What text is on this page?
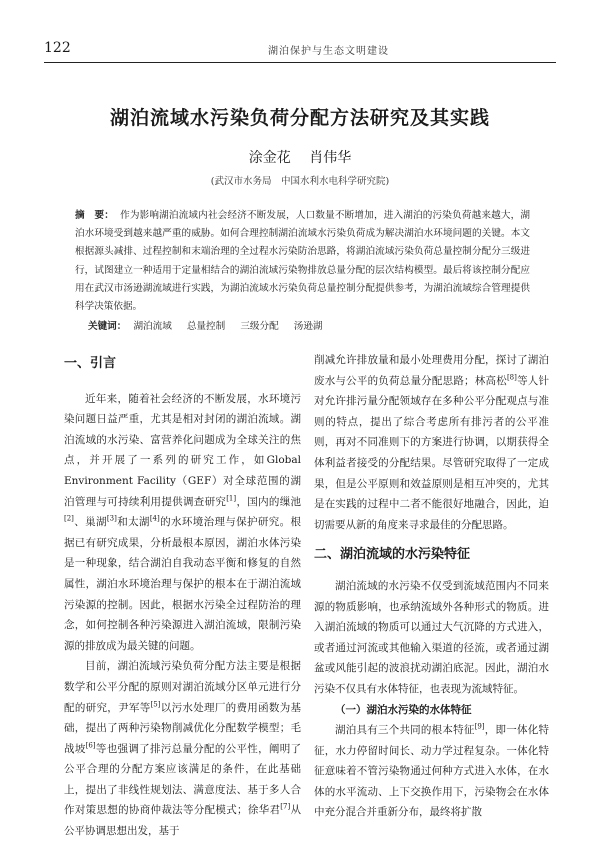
122	湖泊保护与生态文明建设
湖泊流域水污染负荷分配方法研究及其实践
涂金花 肖伟华
(武汉市水务局　中国水利水电科学研究院)
摘　要： 作为影响湖泊流域内社会经济不断发展，人口数量不断增加，进入湖泊的污染负荷越来越大，湖泊水环境受到越来越严重的威胁。如何合理控制湖泊流域水污染负荷成为解决湖泊水环境问题的关键。本文根据源头减排、过程控制和末端治理的全过程水污染防治思路，将湖泊流域污染负荷总量控制分配分三级进行，试图建立一种适用于定量相结合的湖泊流域污染物排放总量分配的层次结构模型。最后将该控制分配应用在武汉市汤逊湖流域进行实践，为湖泊流域水污染负荷总量控制分配提供参考，为湖泊流域综合管理提供科学决策依据。
关键词： 湖泊流域 总量控制 三级分配 汤逊湖
一、引言

近年来，随着社会经济的不断发展，水环境污染问题日益严重，尤其是相对封闭的湖泊流域。湖泊流域的水污染、富营养化问题成为全球关注的焦点，并开展了一系列的研究工作，如Global Environment Facility（GEF）对全球范围的湖泊管理与可持续利用提供调查研究[1]，国内的缫池[2]、巢湖[3]和太湖[4]的水环境治理与保护研究。根据已有研究成果，分析最根本原因，湖泊水体污染是一种现象，结合湖泊自我动态平衡和修复的自然属性，湖泊水环境治理与保护的根本在于湖泊流域污染源的控制。因此，根据水污染全过程防治的理念，如何控制各种污染源进入湖泊流域，限制污染源的排放成为最关键的问题。

目前，湖泊流域污染负荷分配方法主要是根据数学和公平分配的原则对湖泊流域分区单元进行分配的研究，尹军等[5]以污水处理厂的费用函数为基础，提出了两种污染物削减优化分配数学模型；毛战坡[6]等也强调了排污总量分配的公平性，阐明了公平合理的分配方案应该满足的条件，在此基础上，提出了非线性规划法、满意度法、基于多人合作对策思想的协商仲裁法等分配模式；徐华君[7]从公平协调思想出发，基于

削减允许排放量和最小处理费用分配，探讨了湖泊废水与公平的负荷总量分配思路；林高松[8]等人针对允许排污量分配领域存在多种公平分配观点与准则的特点，提出了综合考虑所有排污者的公平准则，再对不同准则下的方案进行协调，以期获得全体利益者接受的分配结果。尽管研究取得了一定成果，但是公平原则和效益原则是相互冲突的，尤其是在实践的过程中二者不能很好地融合，因此，迫切需要从新的角度来寻求最佳的分配思路。

二、湖泊流域的水污染特征

湖泊流域的水污染不仅受到流域范围内不同来源的物质影响，也承纳流域外各种形式的物质。进入湖泊流域的物质可以通过大气沉降的方式进入，或者通过河流或其他输入渠道的径流，或者通过湖盆或风能引起的波浪扰动湖泊底泥。因此，湖泊水污染不仅具有水体特征，也表现为流域特征。

（一）湖泊水污染的水体特征

湖泊具有三个共同的根本特征[9]，即一体化特征，水力停留时间长、动力学过程复杂。一体化特征意味着不管污染物通过何种方式进入水体，在水体的水平流动、上下交换作用下，污染物会在水体中充分混合并重新分布，最终将扩散
